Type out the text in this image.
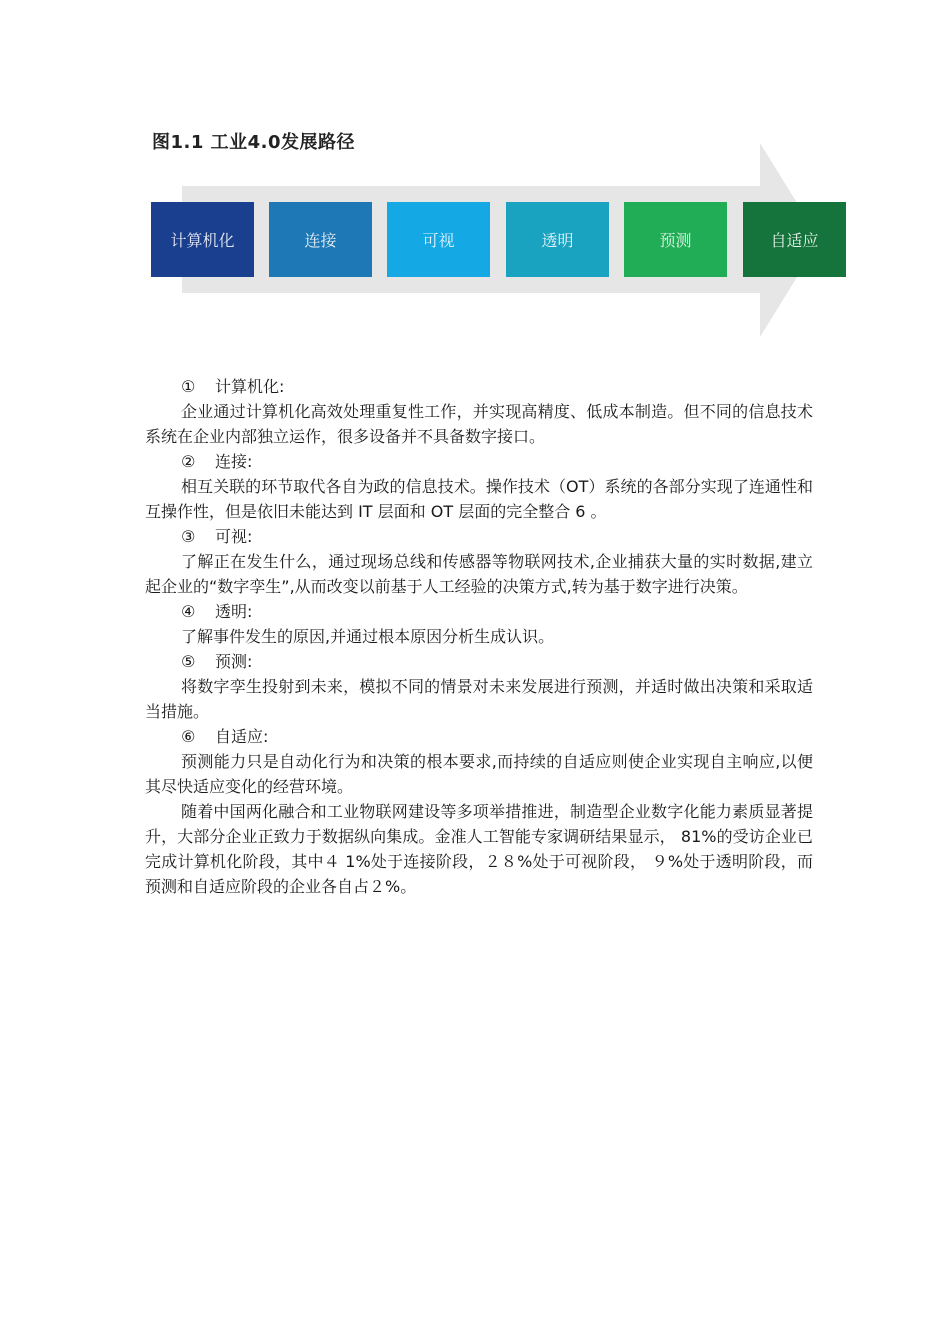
图1.1 工业4.0发展路径
计算机化	连接	可视	透明	预测	自适应

① 计算机化:

企业通过计算机化高效处理重复性工作，并实现高精度、低成本制造。但不同的信息技术系统在企业内部独立运作，很多设备并不具备数字接口。

② 连接:

相互关联的环节取代各自为政的信息技术。操作技术（OT）系统的各部分实现了连通性和互操作性，但是依旧未能达到 IT 层面和 OT 层面的完全整合 6 。

③ 可视:

了解正在发生什么，通过现场总线和传感器等物联网技术,企业捕获大量的实时数据,建立起企业的“数字孪生”,从而改变以前基于人工经验的决策方式,转为基于数字进行决策。

④ 透明:

了解事件发生的原因,并通过根本原因分析生成认识。

⑤ 预测:

将数字孪生投射到未来，模拟不同的情景对未来发展进行预测，并适时做出决策和采取适当措施。

⑥ 自适应:

预测能力只是自动化行为和决策的根本要求,而持续的自适应则使企业实现自主响应,以便其尽快适应变化的经营环境。

随着中国两化融合和工业物联网建设等多项举措推进，制造型企业数字化能力素质显著提升，大部分企业正致力于数据纵向集成。金准人工智能专家调研结果显示， 81%的受访企业已完成计算机化阶段，其中４ 1%处于连接阶段，２８%处于可视阶段， ９%处于透明阶段，而预测和自适应阶段的企业各自占２%。
